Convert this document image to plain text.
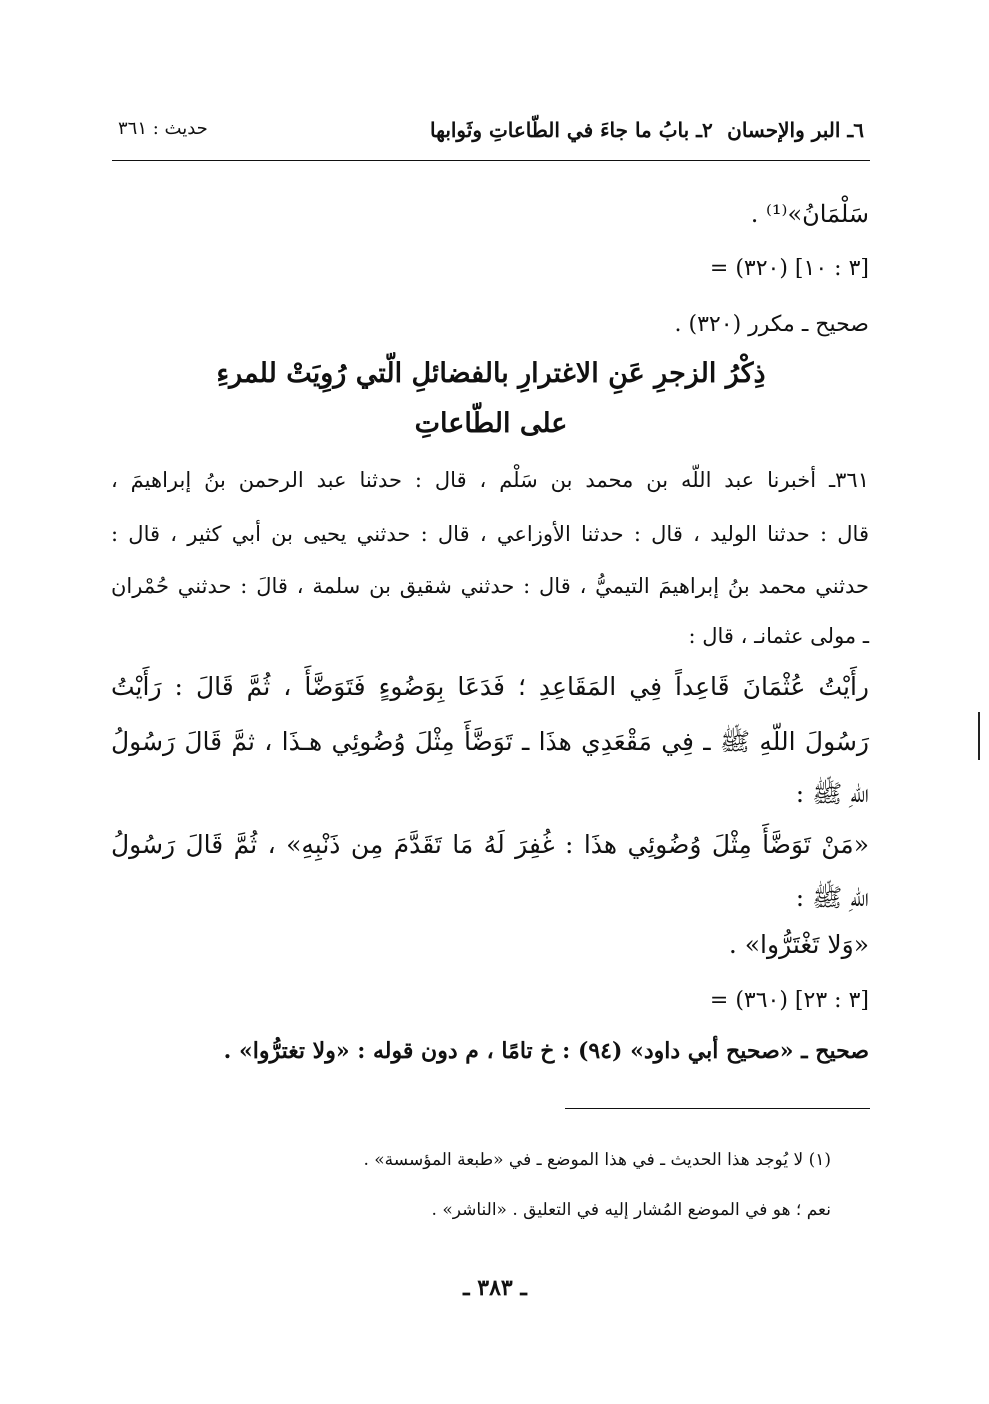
٦ـ البر والإحسان
٢ـ بابُ ما جاءَ في الطّاعاتِ وثَوابها
حديث : ٣٦١
سَلْمَانُ»⁽¹⁾ .
= (٣٢٠) [٣ : ١٠]
صحيح ـ مكرر (٣٢٠) .
ذِكْرُ الزجرِ عَنِ الاغترارِ بالفضائلِ الّتي رُوِيَتْ للمرءِ
على الطّاعاتِ
٣٦١ـ أخبرنا عبد اللّه بن محمد بن سَلْم ، قال : حدثنا عبد الرحمن بنُ إبراهيمَ ،
قال : حدثنا الوليد ، قال : حدثنا الأوزاعي ، قال : حدثني يحيى بن أبي كثير ، قال :
حدثني محمد بنُ إبراهيمَ التيميُّ ، قال : حدثني شقيق بن سلمة ، قالَ : حدثني حُمْران
ـ مولى عثمانـ ، قال :
رأَيْتُ عُثْمَانَ قَاعِداً فِي المَقَاعِدِ ؛ فَدَعَا بِوَضُوءٍ فَتَوَضَّأَ ، ثُمَّ قَالَ : رَأَيْتُ
رَسُولَ اللّهِ ﷺ ـ فِي مَقْعَدِي هذَا ـ تَوَضَّأَ مِثْلَ وُضُوئِي هـذَا ، ثمَّ قَالَ رَسُولُ
اللّهِ ﷺ :
«مَنْ تَوَضَّأَ مِثْلَ وُضُوئِي هذَا : غُفِرَ لَهُ مَا تَقَدَّمَ مِن ذَنْبِهِ» ، ثُمَّ قَالَ رَسُولُ
اللّهِ ﷺ :
«وَلا تَغْتَرُّوا» .
= (٣٦٠) [٣ : ٢٣]
صحيح ـ «صحيح أبي داود» (٩٤) : خ تامًا ، م دون قوله : «ولا تغترُّوا» .
(١) لا يُوجد هذا الحديث ـ في هذا الموضع ـ في «طبعة المؤسسة» .
نعم ؛ هو في الموضع المُشار إليه في التعليق . «الناشر» .
ـ ٣٨٣ ـ
